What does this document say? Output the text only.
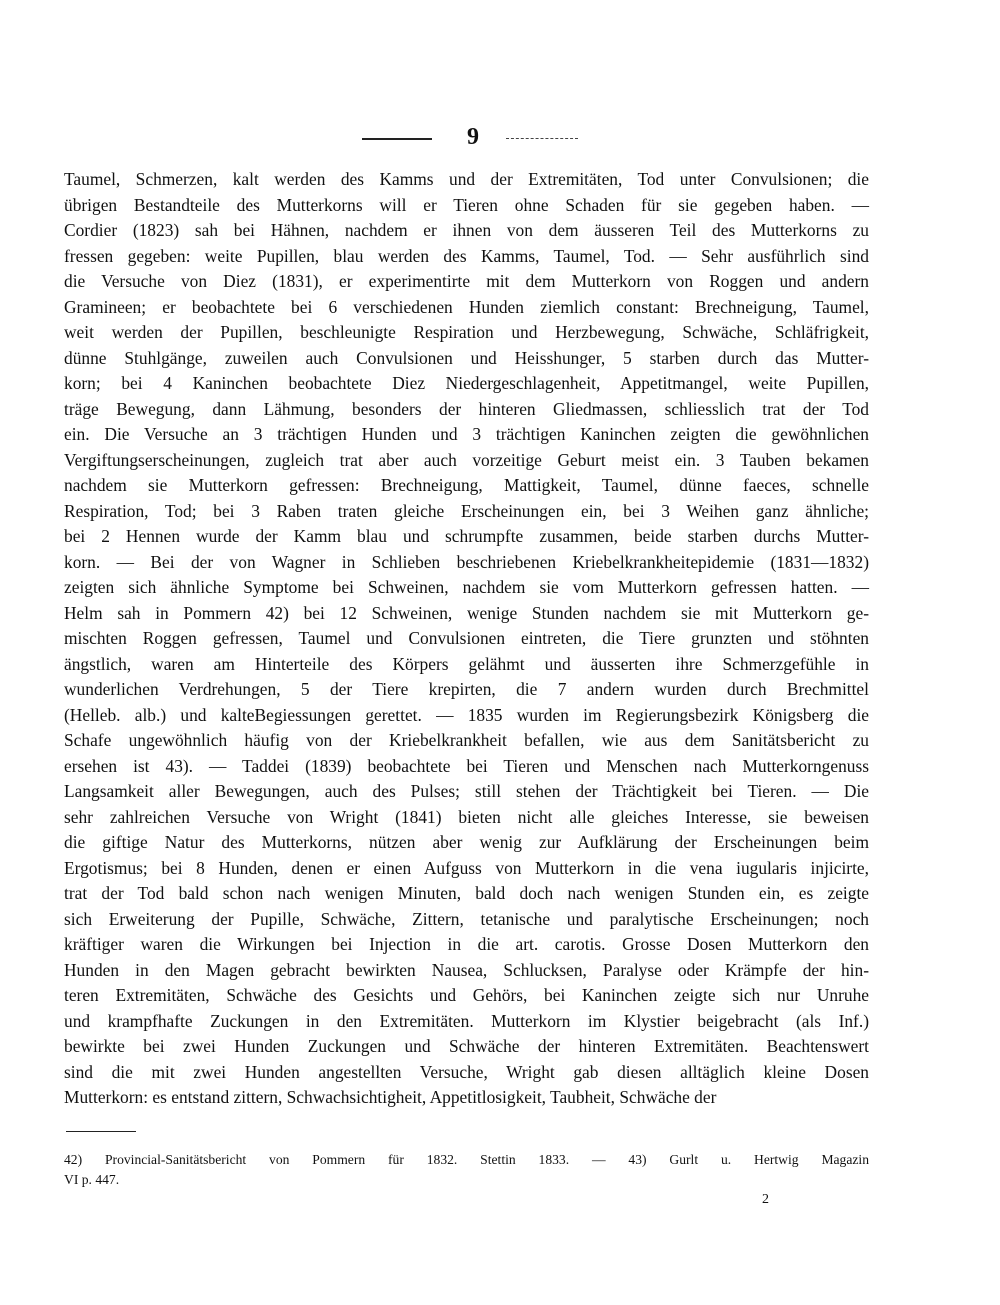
9
Taumel, Schmerzen, kalt werden des Kamms und der Extremitäten, Tod unter Convulsionen; die
übrigen Bestandteile des Mutterkorns will er Tieren ohne Schaden für sie gegeben haben. —
Cordier (1823) sah bei Hähnen, nachdem er ihnen von dem äusseren Teil des Mutterkorns zu
fressen gegeben: weite Pupillen, blau werden des Kamms, Taumel, Tod. — Sehr ausführlich sind
die Versuche von Diez (1831), er experimentirte mit dem Mutterkorn von Roggen und andern
Gramineen; er beobachtete bei 6 verschiedenen Hunden ziemlich constant: Brechneigung, Taumel,
weit werden der Pupillen, beschleunigte Respiration und Herzbewegung, Schwäche, Schläfrigkeit,
dünne Stuhlgänge, zuweilen auch Convulsionen und Heisshunger, 5 starben durch das Mutter-
korn; bei 4 Kaninchen beobachtete Diez Niedergeschlagenheit, Appetitmangel, weite Pupillen,
träge Bewegung, dann Lähmung, besonders der hinteren Gliedmassen, schliesslich trat der Tod
ein. Die Versuche an 3 trächtigen Hunden und 3 trächtigen Kaninchen zeigten die gewöhnlichen
Vergiftungserscheinungen, zugleich trat aber auch vorzeitige Geburt meist ein. 3 Tauben bekamen
nachdem sie Mutterkorn gefressen: Brechneigung, Mattigkeit, Taumel, dünne faeces, schnelle
Respiration, Tod; bei 3 Raben traten gleiche Erscheinungen ein, bei 3 Weihen ganz ähnliche;
bei 2 Hennen wurde der Kamm blau und schrumpfte zusammen, beide starben durchs Mutter-
korn. — Bei der von Wagner in Schlieben beschriebenen Kriebelkrankheitepidemie (1831—1832)
zeigten sich ähnliche Symptome bei Schweinen, nachdem sie vom Mutterkorn gefressen hatten. —
Helm sah in Pommern 42) bei 12 Schweinen, wenige Stunden nachdem sie mit Mutterkorn ge-
mischten Roggen gefressen, Taumel und Convulsionen eintreten, die Tiere grunzten und stöhnten
ängstlich, waren am Hinterteile des Körpers gelähmt und äusserten ihre Schmerzgefühle in
wunderlichen Verdrehungen, 5 der Tiere krepirten, die 7 andern wurden durch Brechmittel
(Helleb. alb.) und kalteBegiessungen gerettet. — 1835 wurden im Regierungsbezirk Königsberg die
Schafe ungewöhnlich häufig von der Kriebelkrankheit befallen, wie aus dem Sanitätsbericht zu
ersehen ist 43). — Taddei (1839) beobachtete bei Tieren und Menschen nach Mutterkorngenuss
Langsamkeit aller Bewegungen, auch des Pulses; still stehen der Trächtigkeit bei Tieren. — Die
sehr zahlreichen Versuche von Wright (1841) bieten nicht alle gleiches Interesse, sie beweisen
die giftige Natur des Mutterkorns, nützen aber wenig zur Aufklärung der Erscheinungen beim
Ergotismus; bei 8 Hunden, denen er einen Aufguss von Mutterkorn in die vena iugularis injicirte,
trat der Tod bald schon nach wenigen Minuten, bald doch nach wenigen Stunden ein, es zeigte
sich Erweiterung der Pupille, Schwäche, Zittern, tetanische und paralytische Erscheinungen; noch
kräftiger waren die Wirkungen bei Injection in die art. carotis. Grosse Dosen Mutterkorn den
Hunden in den Magen gebracht bewirkten Nausea, Schlucksen, Paralyse oder Krämpfe der hin-
teren Extremitäten, Schwäche des Gesichts und Gehörs, bei Kaninchen zeigte sich nur Unruhe
und krampfhafte Zuckungen in den Extremitäten. Mutterkorn im Klystier beigebracht (als Inf.)
bewirkte bei zwei Hunden Zuckungen und Schwäche der hinteren Extremitäten. Beachtenswert
sind die mit zwei Hunden angestellten Versuche, Wright gab diesen alltäglich kleine Dosen
Mutterkorn: es entstand zittern, Schwachsichtigheit, Appetitlosigkeit, Taubheit, Schwäche der
42) Provincial-Sanitätsbericht von Pommern für 1832. Stettin 1833. — 43) Gurlt u. Hertwig Magazin
VI p. 447.
2
